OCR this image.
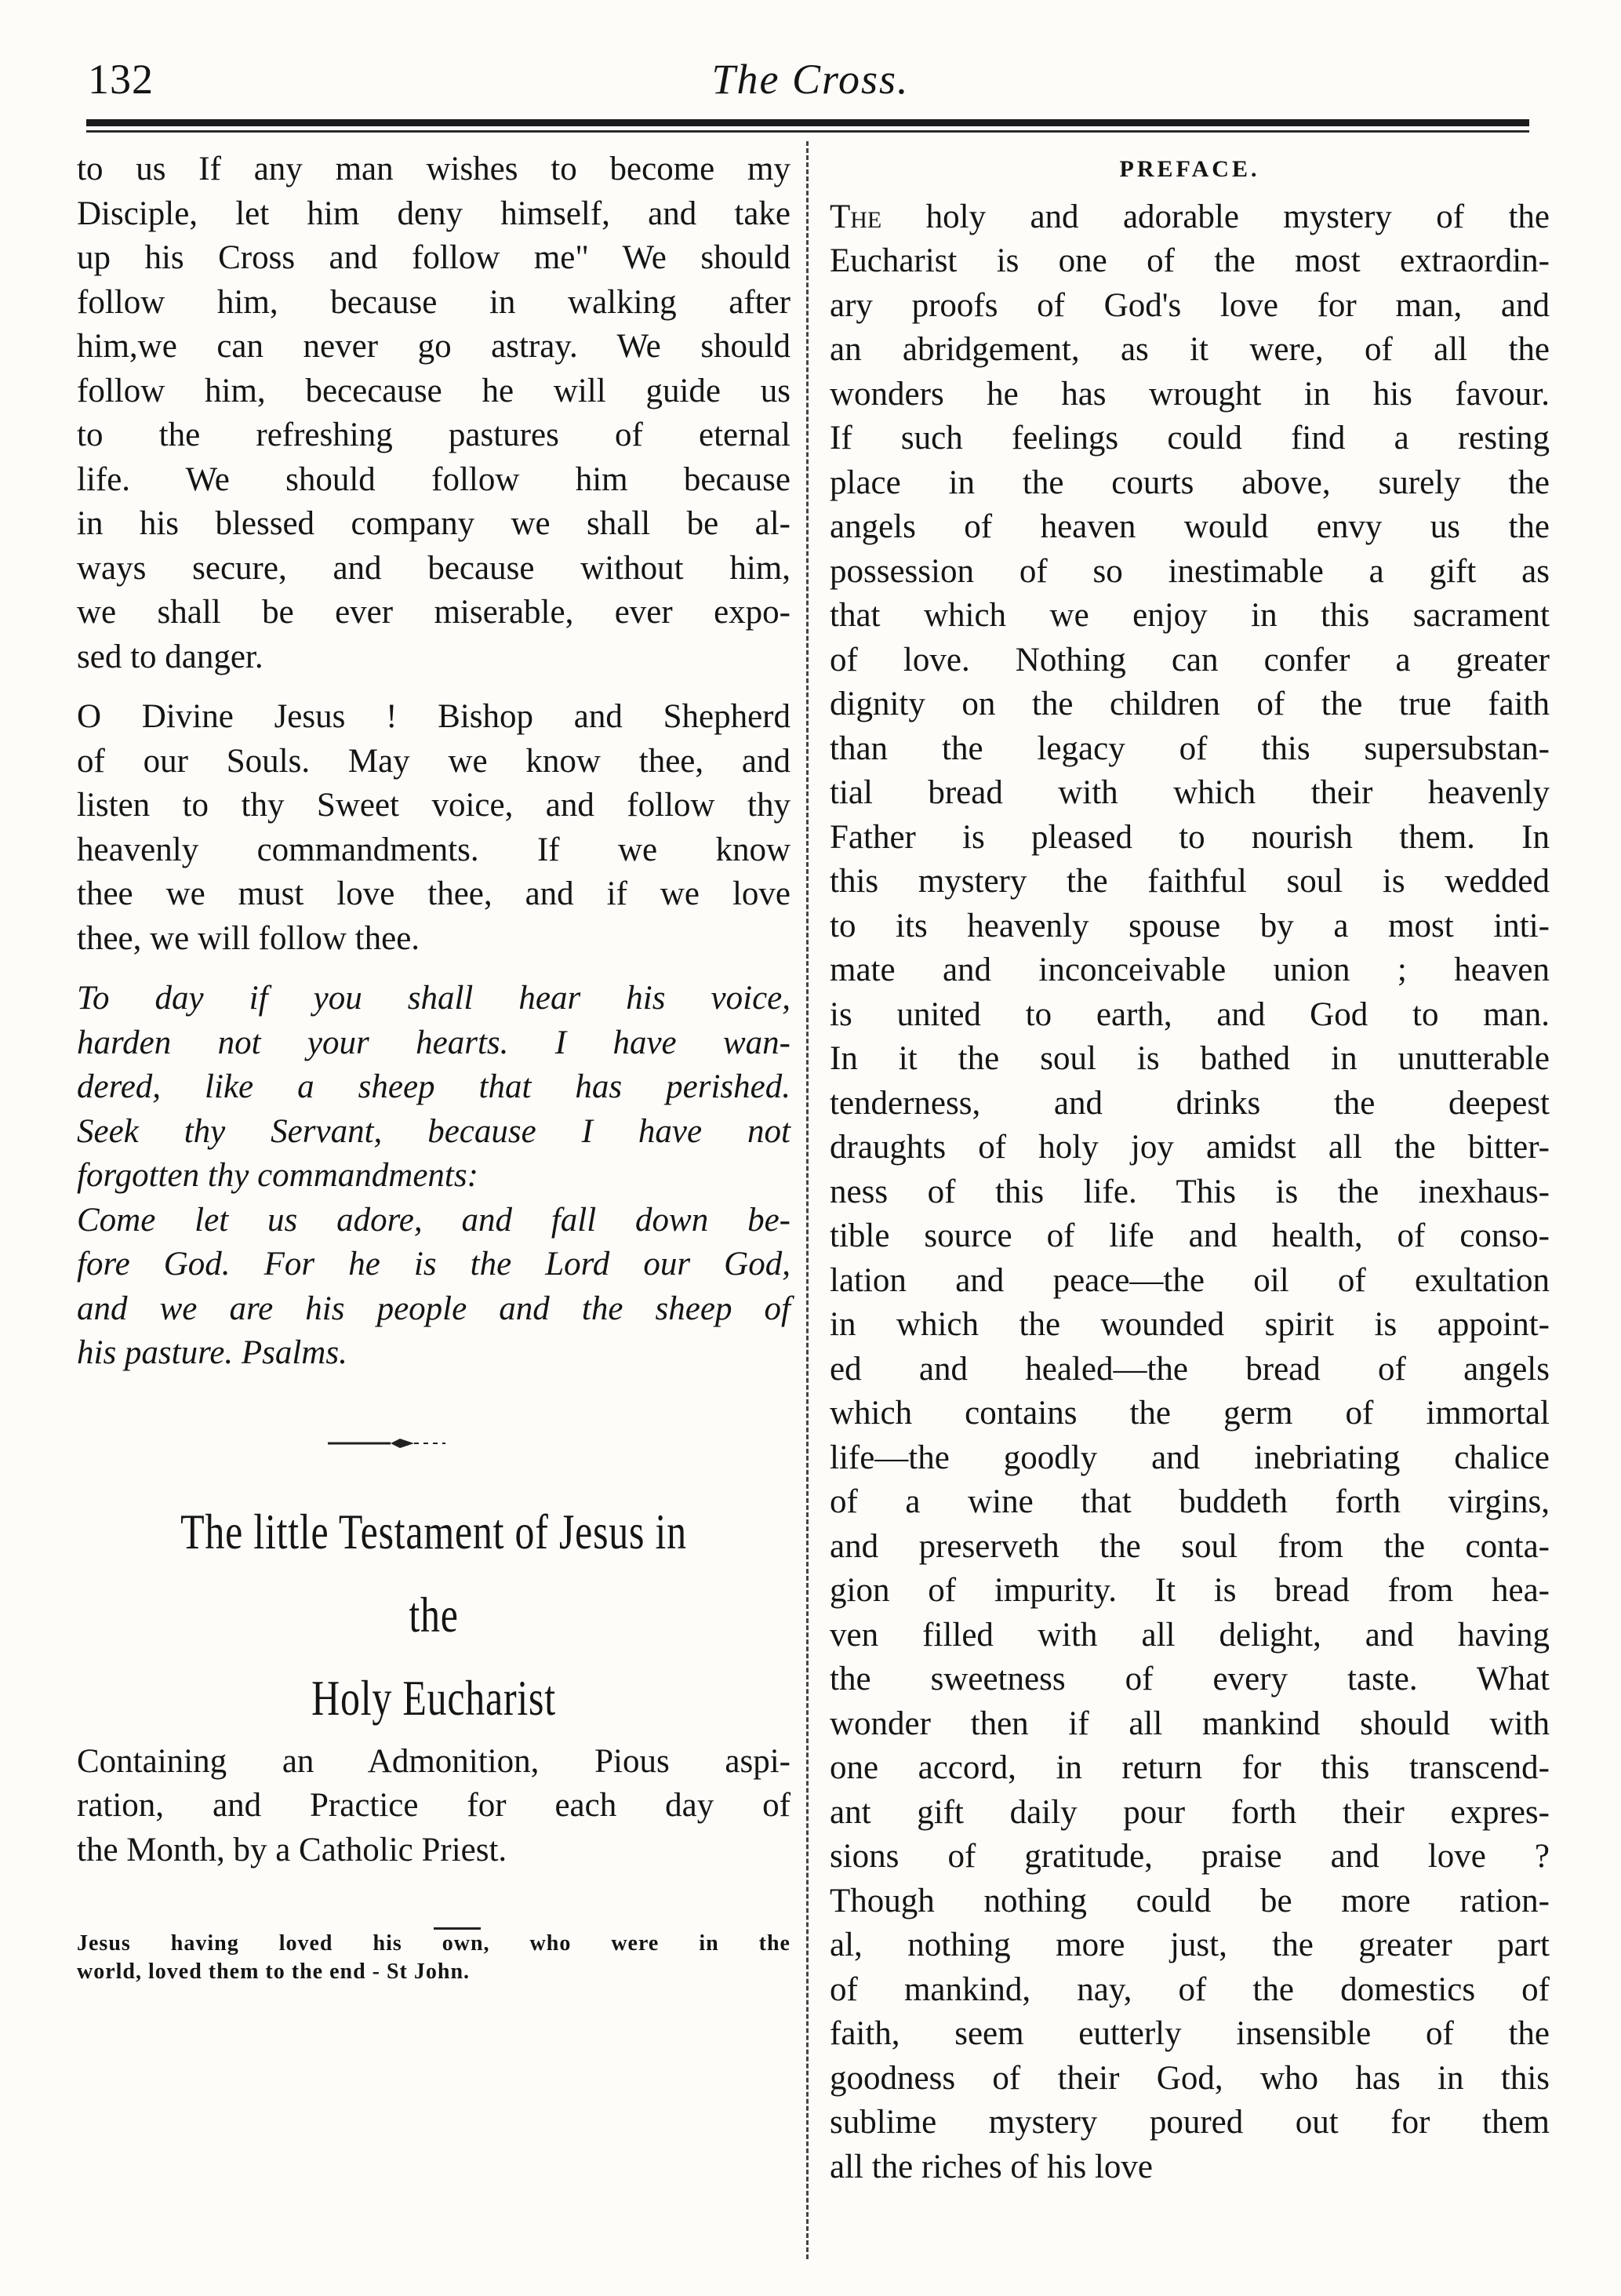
132	The Cross.

to us If any man wishes to become my
Disciple, let him deny himself, and take
up his Cross and follow me" We should
follow him, because in walking after
him,we can never go astray. We should
follow him, bececause he will guide us
to the refreshing pastures of eternal
life. We should follow him because
in his blessed company we shall be al-
ways secure, and because without him,
we shall be ever miserable, ever expo-
sed to danger.

O Divine Jesus ! Bishop and Shepherd
of our Souls. May we know thee, and
listen to thy Sweet voice, and follow thy
heavenly commandments. If we know
thee we must love thee, and if we love
thee, we will follow thee.

To day if you shall hear his voice,
harden not your hearts. I have wan-
dered, like a sheep that has perished.
Seek thy Servant, because I have not
forgotten thy commandments:

Come let us adore, and fall down be-
fore God. For he is the Lord our God,
and we are his people and the sheep of
his pasture. Psalms.

The little Testament of Jesus in the
Holy Eucharist

Containing an Admonition, Pious aspi-
ration, and Practice for each day of
the Month, by a Catholic Priest.

Jesus having loved his own, who were in the
world, loved them to the end - St John.

PREFACE.

The holy and adorable mystery of the
Eucharist is one of the most extraordin-
ary proofs of God's love for man, and
an abridgement, as it were, of all the
wonders he has wrought in his favour.
If such feelings could find a resting
place in the courts above, surely the
angels of heaven would envy us the
possession of so inestimable a gift as
that which we enjoy in this sacrament
of love. Nothing can confer a greater
dignity on the children of the true faith
than the legacy of this supersubstan-
tial bread with which their heavenly
Father is pleased to nourish them. In
this mystery the faithful soul is wedded
to its heavenly spouse by a most inti-
mate and inconceivable union ; heaven
is united to earth, and God to man.
In it the soul is bathed in unutterable
tenderness, and drinks the deepest
draughts of holy joy amidst all the bitter-
ness of this life. This is the inexhaus-
tible source of life and health, of conso-
lation and peace—the oil of exultation
in which the wounded spirit is appoint-
ed and healed—the bread of angels
which contains the germ of immortal
life—the goodly and inebriating chalice
of a wine that buddeth forth virgins,
and preserveth the soul from the conta-
gion of impurity. It is bread from hea-
ven filled with all delight, and having
the sweetness of every taste. What
wonder then if all mankind should with
one accord, in return for this transcend-
ant gift daily pour forth their expres-
sions of gratitude, praise and love ?
Though nothing could be more ration-
al, nothing more just, the greater part
of mankind, nay, of the domestics of
faith, seem eutterly insensible of the
goodness of their God, who has in this
sublime mystery poured out for them
all the riches of his love
